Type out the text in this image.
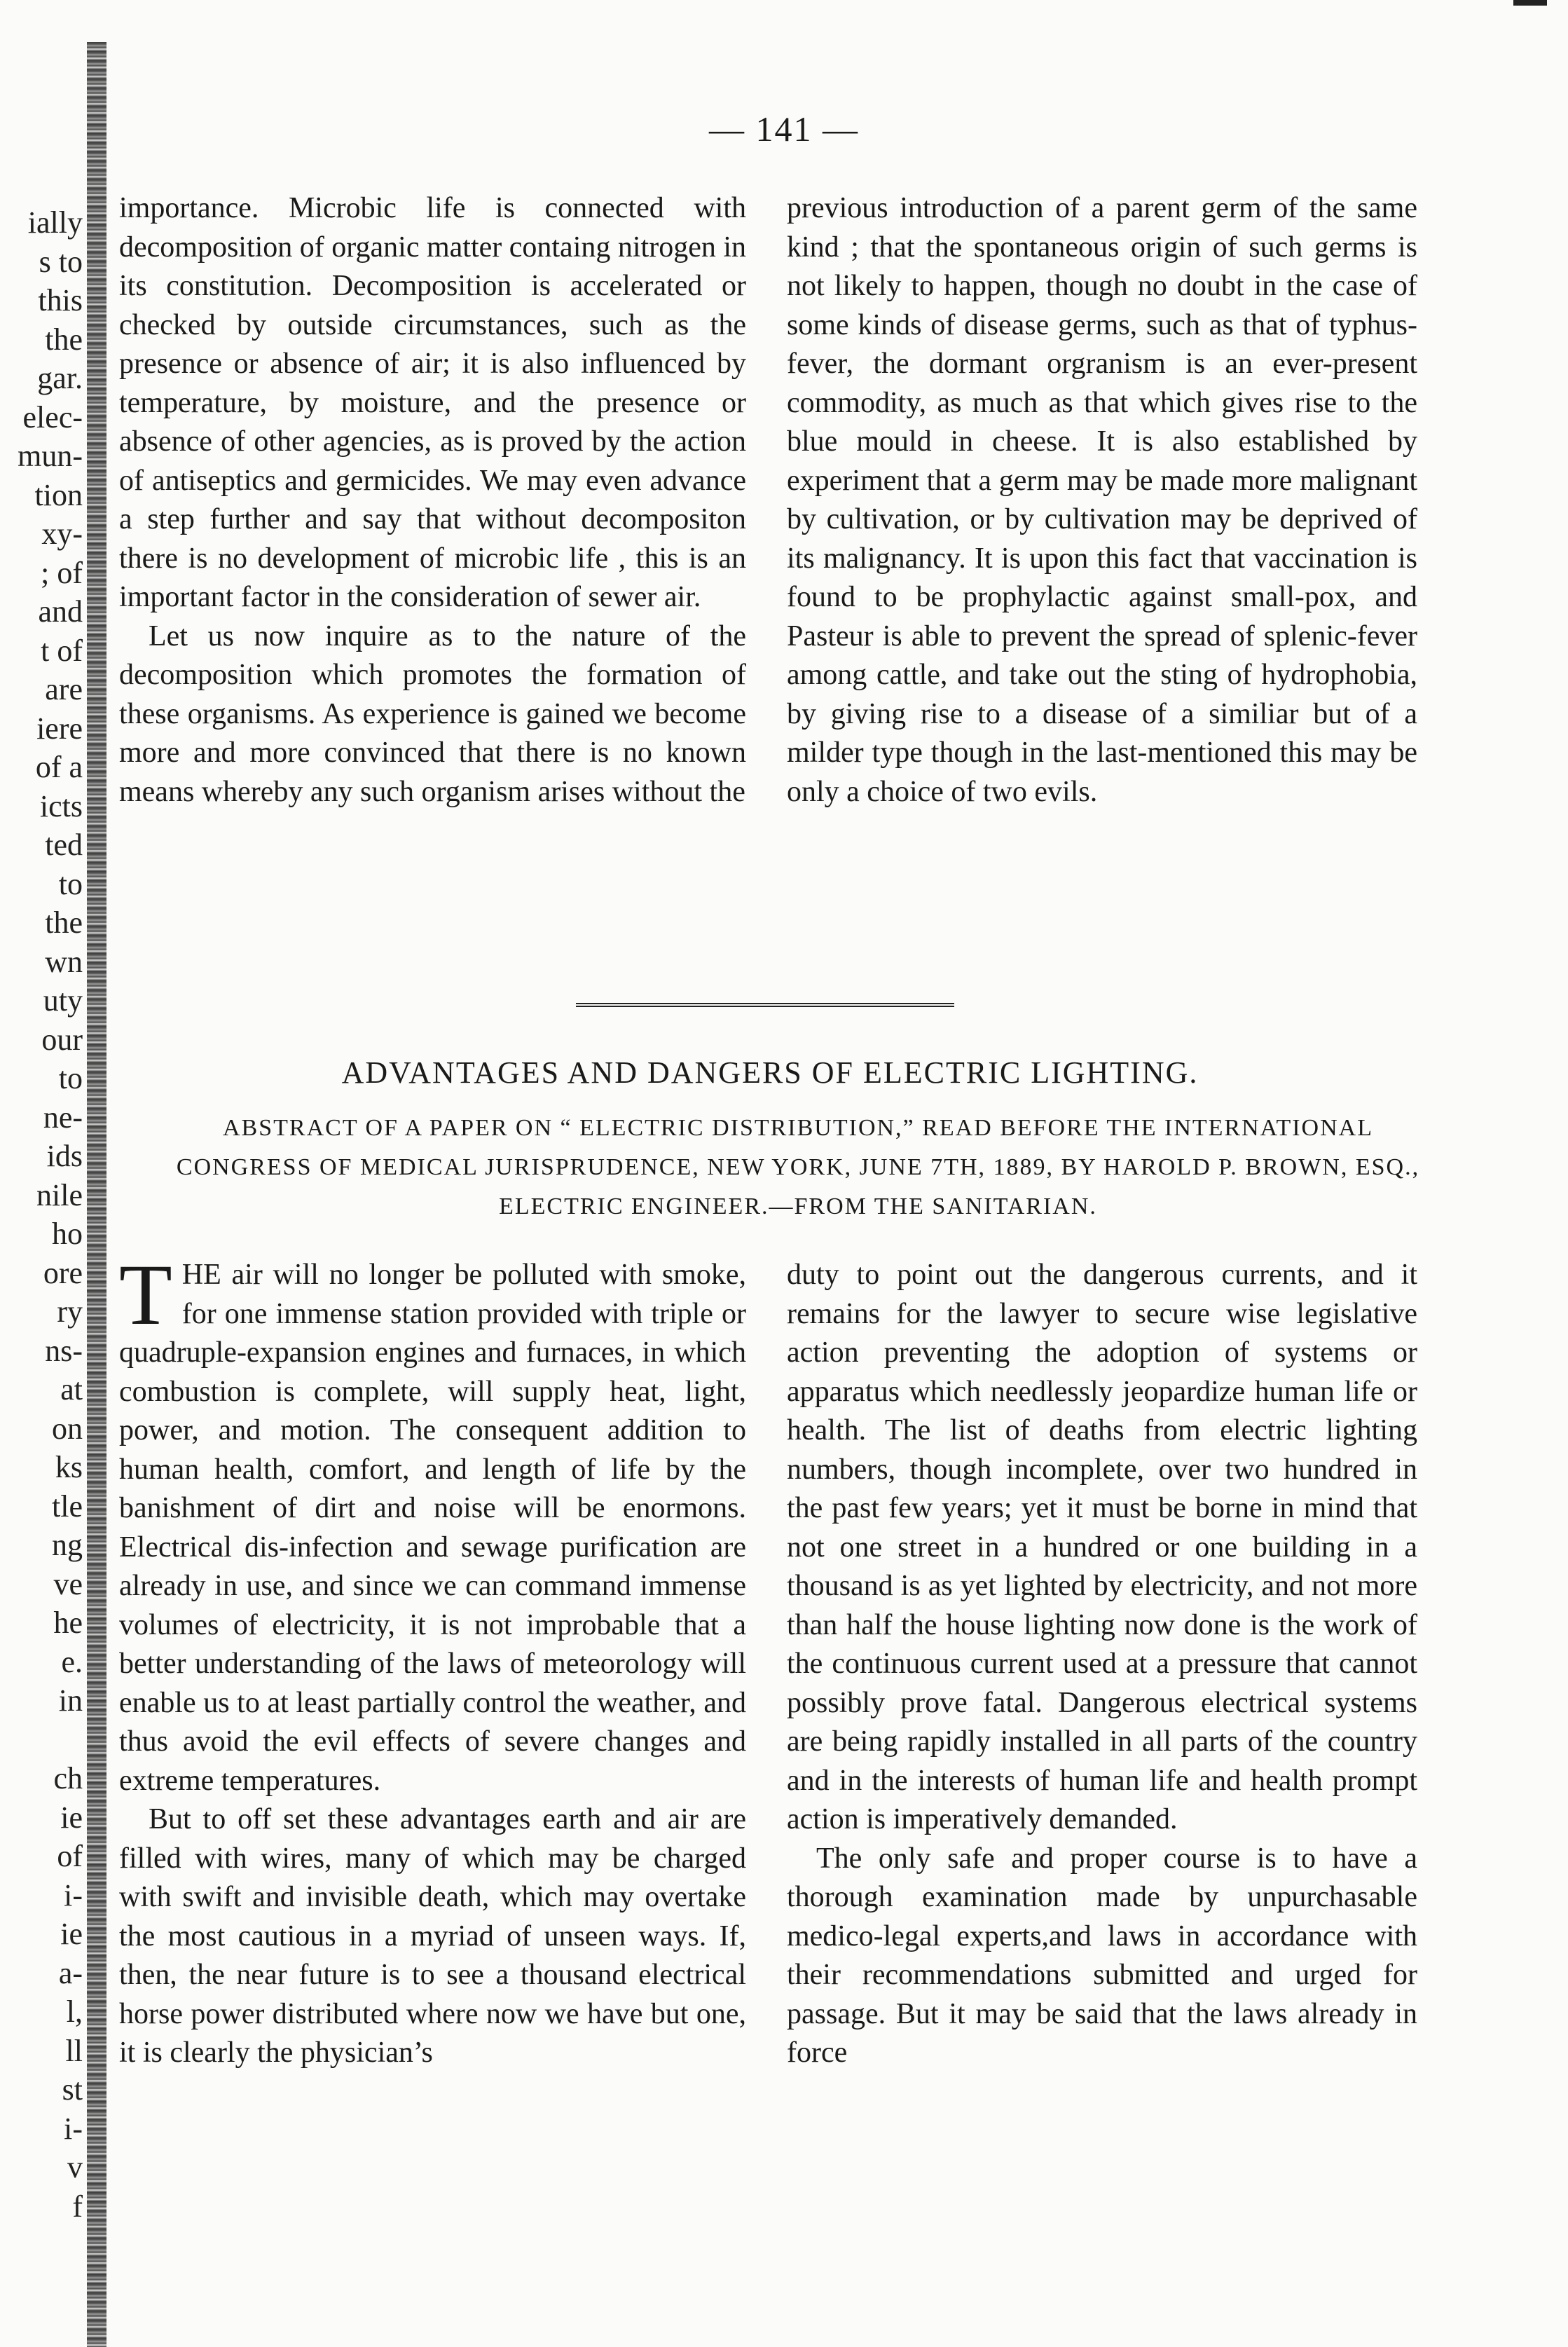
ially
s to
this
the
gar.
elec-
mun-
tion
xy-
; of
and
t of
are
iere
of a
icts
ted
to
the
wn
uty
our
to
ne-
ids
nile
ho
ore
ry
ns-
at
on
ks
tle
ng
ve
he
e.
in
ch
ie
of
i-
ie
a-
l,
ll
st
i-
v
f
— 141 —

importance. Microbic life is connected with decomposition of organic matter containg nitrogen in its constitution. Decomposition is accelerated or checked by outside circumstances, such as the presence or absence of air; it is also influenced by temperature, by moisture, and the presence or absence of other agencies, as is proved by the action of antiseptics and germicides. We may even advance a step further and say that without decompositon there is no development of microbic life , this is an important factor in the consideration of sewer air.

Let us now inquire as to the nature of the decomposition which promotes the formation of these organisms. As experience is gained we become more and more convinced that there is no known means whereby any such organism arises without the

previous introduction of a parent germ of the same kind ; that the spontaneous origin of such germs is not likely to happen, though no doubt in the case of some kinds of disease germs, such as that of typhus-fever, the dormant orgranism is an ever-present commodity, as much as that which gives rise to the blue mould in cheese. It is also established by experiment that a germ may be made more malignant by cultivation, or by cultivation may be deprived of its malignancy. It is upon this fact that vaccination is found to be prophylactic against small-pox, and Pasteur is able to prevent the spread of splenic-fever among cattle, and take out the sting of hydrophobia, by giving rise to a disease of a similiar but of a milder type though in the last-mentioned this may be only a choice of two evils.

ADVANTAGES AND DANGERS OF ELECTRIC LIGHTING.
ABSTRACT OF A PAPER ON “ ELECTRIC DISTRIBUTION,” READ BEFORE THE INTERNATIONAL CONGRESS OF MEDICAL JURISPRUDENCE, NEW YORK, JUNE 7TH, 1889, BY HAROLD P. BROWN, ESQ., ELECTRIC ENGINEER.—FROM THE SANITARIAN.

T HE air will no longer be polluted with smoke, for one immense station provided with triple or quadruple-expansion engines and furnaces, in which combustion is complete, will supply heat, light, power, and motion. The consequent addition to human health, comfort, and length of life by the banishment of dirt and noise will be enormons. Electrical dis-infection and sewage purification are already in use, and since we can command immense volumes of electricity, it is not improbable that a better understanding of the laws of meteorology will enable us to at least partially control the weather, and thus avoid the evil effects of severe changes and extreme temperatures.

But to off set these advantages earth and air are filled with wires, many of which may be charged with swift and invisible death, which may overtake the most cautious in a myriad of unseen ways. If, then, the near future is to see a thousand electrical horse power distributed where now we have but one, it is clearly the physician’s

duty to point out the dangerous currents, and it remains for the lawyer to secure wise legislative action preventing the adoption of systems or apparatus which needlessly jeopardize human life or health. The list of deaths from electric lighting numbers, though incomplete, over two hundred in the past few years; yet it must be borne in mind that not one street in a hundred or one building in a thousand is as yet lighted by electricity, and not more than half the house lighting now done is the work of the continuous current used at a pressure that cannot possibly prove fatal. Dangerous electrical systems are being rapidly installed in all parts of the country and in the interests of human life and health prompt action is imperatively demanded.

The only safe and proper course is to have a thorough examination made by unpurchasable medico-legal experts,and laws in accordance with their recommendations submitted and urged for passage. But it may be said that the laws already in force
